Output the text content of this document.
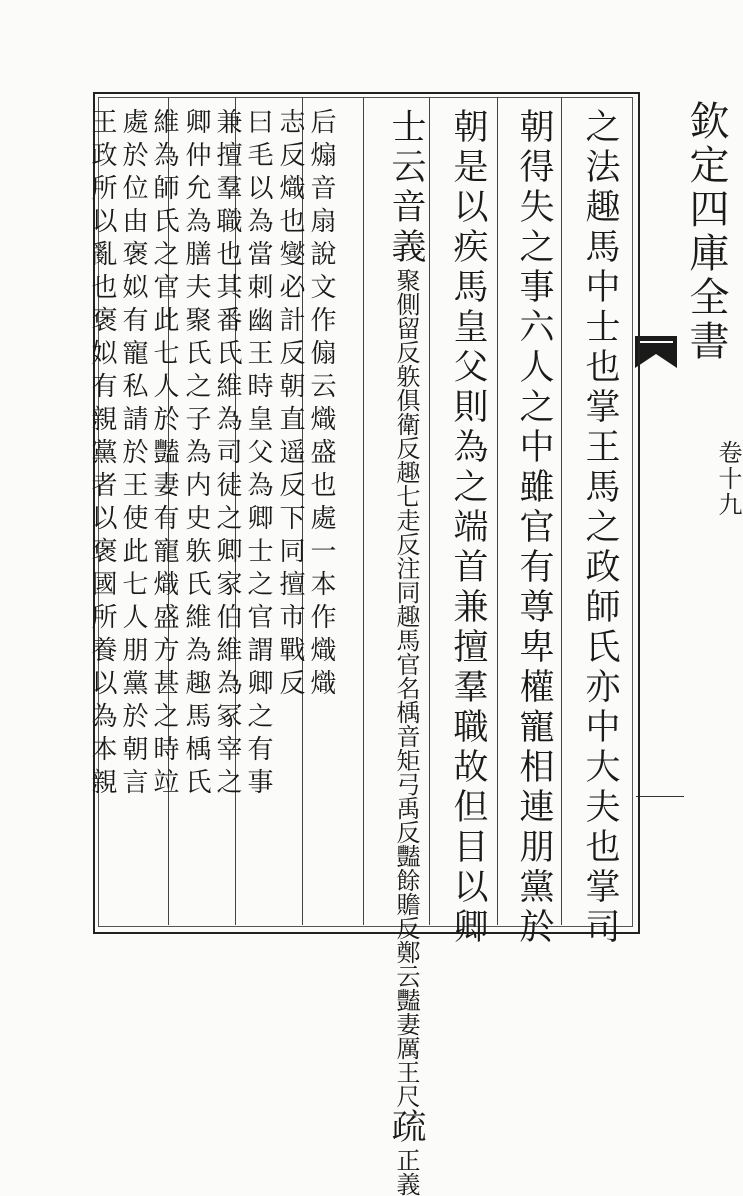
欽定四庫全書
卷十九
之法趣馬中士也掌王馬之政師氏亦中大夫也掌司
朝得失之事六人之中雖官有尊卑權寵相連朋黨於
朝是以疾馬皇父則為之端首兼擅羣職故但目以卿
士云音義聚側留反䠶俱衛反趣七走反注同趣馬官名楀音矩弓禹反豔餘贍反鄭云豔妻厲王尺疏正義
后煽音扇說文作傓云熾盛也處一本作熾熾
志反熾也燮必計反朝直遥反下同擅市戰反
曰毛以為當刺幽王時皇父為卿士之官謂卿之有事
兼擅羣職也其番氏維為司徒之卿家伯維為冢宰之
卿仲允為膳夫聚氏之子為内史䠶氏維為趣馬楀氏
維為師氏之官此七人於豔妻有寵熾盛方甚之時竝
處於位由褒姒有寵私請於王使此七人朋黨於朝言
王政所以亂也褒姒有親黨者以褒國所養以為本親
